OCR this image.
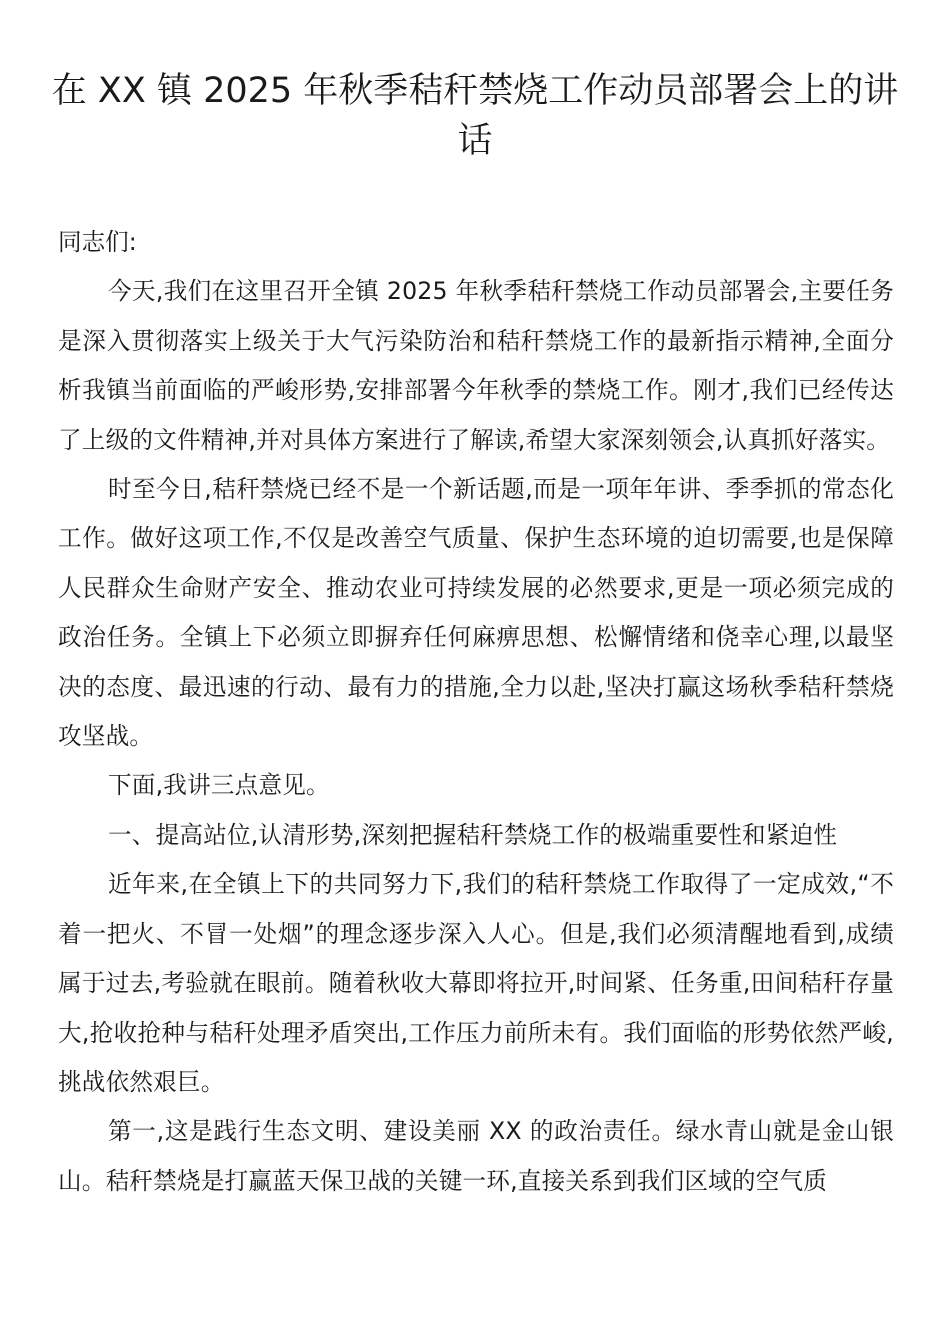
在 XX 镇 2025 年秋季秸秆禁烧工作动员部署会上的讲话

同志们:

今天,我们在这里召开全镇 2025 年秋季秸秆禁烧工作动员部署会,主要任务是深入贯彻落实上级关于大气污染防治和秸秆禁烧工作的最新指示精神,全面分析我镇当前面临的严峻形势,安排部署今年秋季的禁烧工作。刚才,我们已经传达了上级的文件精神,并对具体方案进行了解读,希望大家深刻领会,认真抓好落实。

时至今日,秸秆禁烧已经不是一个新话题,而是一项年年讲、季季抓的常态化工作。做好这项工作,不仅是改善空气质量、保护生态环境的迫切需要,也是保障人民群众生命财产安全、推动农业可持续发展的必然要求,更是一项必须完成的政治任务。全镇上下必须立即摒弃任何麻痹思想、松懈情绪和侥幸心理,以最坚决的态度、最迅速的行动、最有力的措施,全力以赴,坚决打赢这场秋季秸秆禁烧攻坚战。

下面,我讲三点意见。

一、提高站位,认清形势,深刻把握秸秆禁烧工作的极端重要性和紧迫性

近年来,在全镇上下的共同努力下,我们的秸秆禁烧工作取得了一定成效,“不着一把火、不冒一处烟”的理念逐步深入人心。但是,我们必须清醒地看到,成绩属于过去,考验就在眼前。随着秋收大幕即将拉开,时间紧、任务重,田间秸秆存量大,抢收抢种与秸秆处理矛盾突出,工作压力前所未有。我们面临的形势依然严峻,挑战依然艰巨。

第一,这是践行生态文明、建设美丽 XX 的政治责任。绿水青山就是金山银山。秸秆禁烧是打赢蓝天保卫战的关键一环,直接关系到我们区域的空气质
